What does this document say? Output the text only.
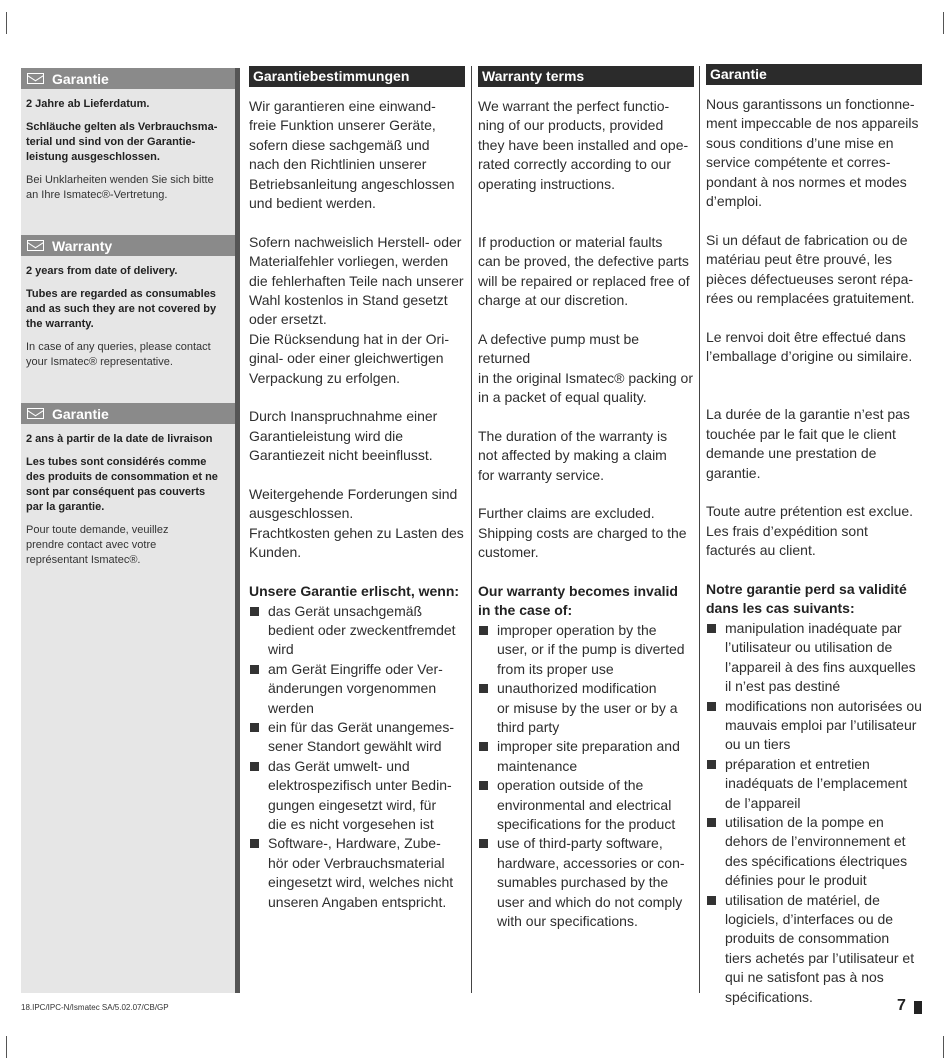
Garantie

2 Jahre ab Lieferdatum.

Schläuche gelten als Verbrauchsma-
terial und sind von der Garantie-
leistung ausgeschlossen.

Bei Unklarheiten wenden Sie sich bitte
an Ihre Ismatec®-Vertretung.

Warranty

2 years from date of delivery.

Tubes are regarded as consumables
and as such they are not covered by
the warranty.

In case of any queries, please contact
your Ismatec® representative.

Garantie

2 ans à partir de la date de livraison

Les tubes sont considérés comme
des produits de consommation et ne
sont par conséquent pas couverts
par la garantie.

Pour toute demande, veuillez
prendre contact avec votre
représentant Ismatec®.

Garantiebestimmungen

Wir garantieren eine einwand-
freie Funktion unserer Geräte,
sofern diese sachgemäß und
nach den Richtlinien unserer
Betriebsanleitung angeschlossen
und bedient werden.

Sofern nachweislich Herstell- oder
Materialfehler vorliegen, werden
die fehlerhaften Teile nach unserer
Wahl kostenlos in Stand gesetzt
oder ersetzt.
Die Rücksendung hat in der Ori-
ginal- oder einer gleichwertigen
Verpackung zu erfolgen.

Durch Inanspruchnahme einer
Garantieleistung wird die
Garantiezeit nicht beeinflusst.

Weitergehende Forderungen sind
ausgeschlossen.
Frachtkosten gehen zu Lasten des
Kunden.

Unsere Garantie erlischt, wenn:

das Gerät unsachgemäß
bedient oder zweckentfremdet
wird
am Gerät Eingriffe oder Ver-
änderungen vorgenommen
werden
ein für das Gerät unangemes-
sener Standort gewählt wird
das Gerät umwelt- und
elektrospezifisch unter Bedin-
gungen eingesetzt wird, für
die es nicht vorgesehen ist
Software-, Hardware, Zube-
hör oder Verbrauchsmaterial
eingesetzt wird, welches nicht
unseren Angaben entspricht.
Warranty terms

We warrant the perfect functio-
ning of our products, provided
they have been installed and ope-
rated correctly according to our
operating instructions.

If production or material faults
can be proved, the defective parts
will be repaired or replaced free of
charge at our discretion.

A defective pump must be returned
in the original Ismatec® packing or
in a packet of equal quality.

The duration of the warranty is
not affected by making a claim
for warranty service.

Further claims are excluded.
Shipping costs are charged to the
customer.

Our warranty becomes invalid
in the case of:

improper operation by the
user, or if the pump is diverted
from its proper use
unauthorized modification
or misuse by the user or by a
third party
improper site preparation and
maintenance
operation outside of the
environmental and electrical
specifications for the product
use of third-party software,
hardware, accessories or con-
sumables purchased by the
user and which do not comply
with our specifications.
Garantie

Nous garantissons un fonctionne-
ment impeccable de nos appareils
sous conditions d’une mise en
service compétente et corres-
pondant à nos normes et modes
d’emploi.

Si un défaut de fabrication ou de
matériau peut être prouvé, les
pièces défectueuses seront répa-
rées ou remplacées gratuitement.

Le renvoi doit être effectué dans
l’emballage d’origine ou similaire.

La durée de la garantie n’est pas
touchée par le fait que le client
demande une prestation de garantie.

Toute autre prétention est exclue.
Les frais d’expédition sont
facturés au client.

Notre garantie perd sa validité
dans les cas suivants:

manipulation inadéquate par
l’utilisateur ou utilisation de
l’appareil à des fins auxquelles
il n’est pas destiné
modifications non autorisées ou
mauvais emploi par l’utilisateur
ou un tiers
préparation et entretien
inadéquats de l’emplacement
de l’appareil
utilisation de la pompe en
dehors de l’environnement et
des spécifications électriques
définies pour le produit
utilisation de matériel, de
logiciels, d’interfaces ou de
produits de consommation
tiers achetés par l’utilisateur et
qui ne satisfont pas à nos
spécifications.
18.IPC/IPC-N/Ismatec SA/5.02.07/CB/GP	7
